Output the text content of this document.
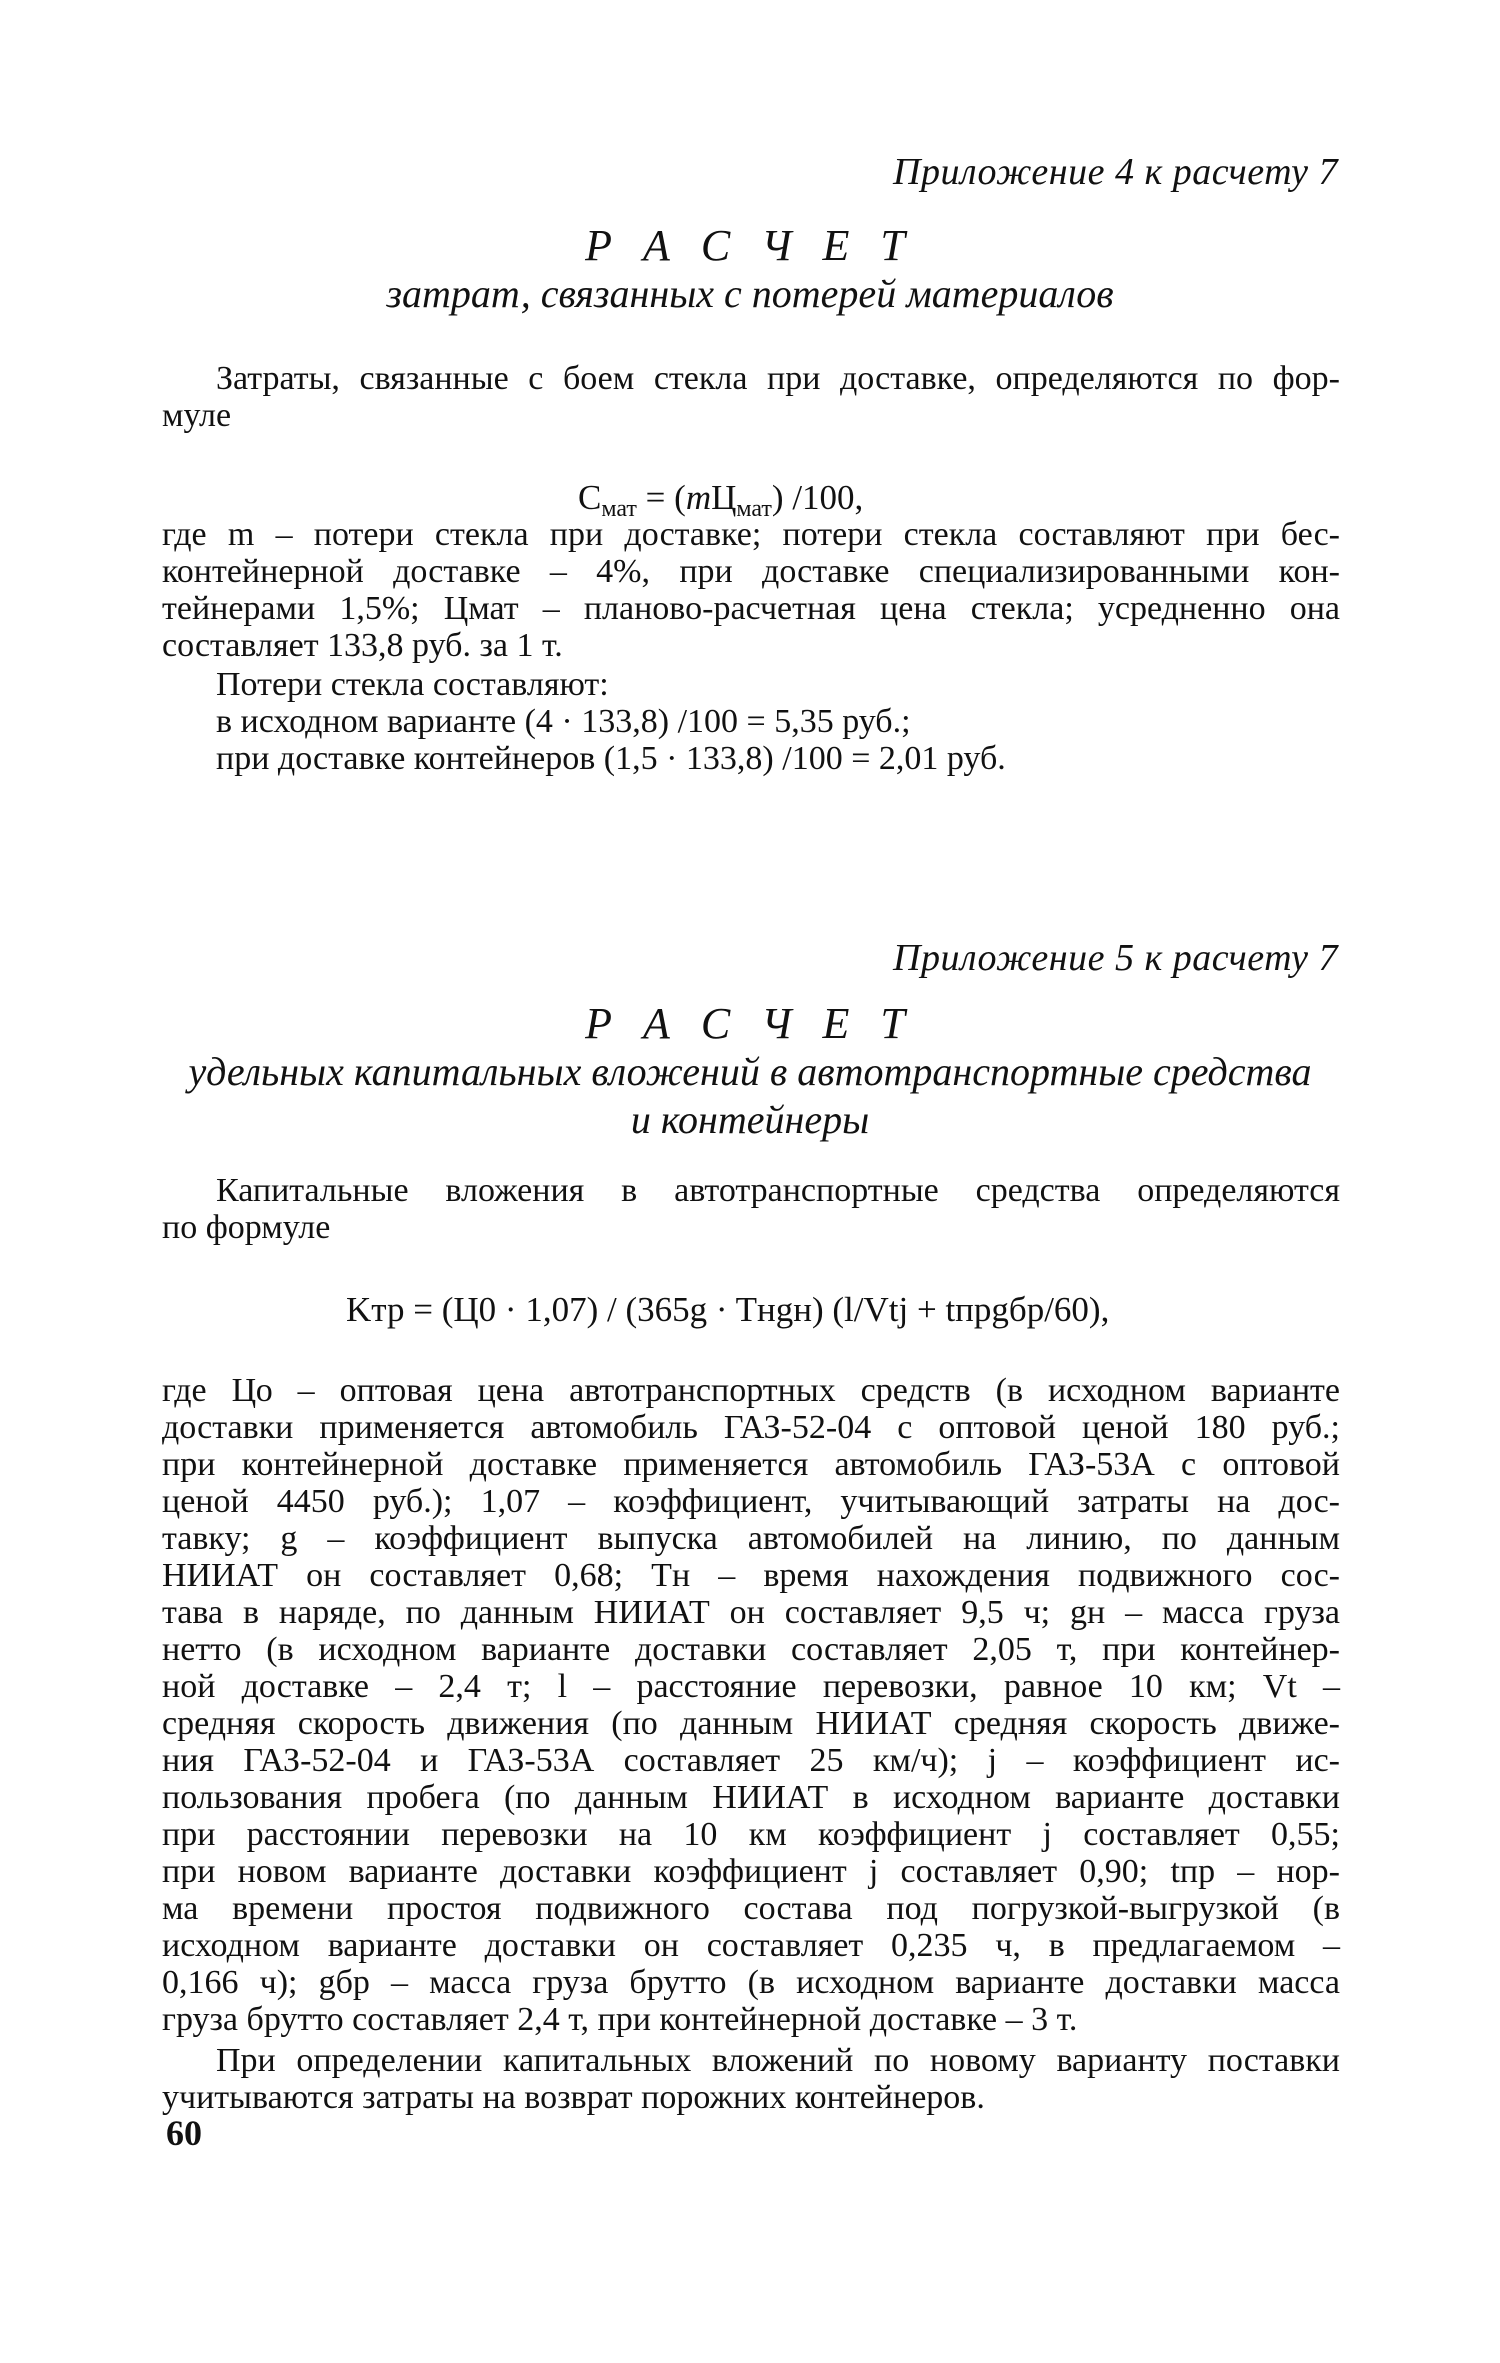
Приложение 4 к расчету 7
Р А С Ч Е Т
затрат, связанных с потерей материалов
Затраты, связанные с боем стекла при доставке, определяются по фор-
муле
$C_{мат} = (mЦ_{мат})$ /100,
где m – потери стекла при доставке; потери стекла составляют при бес-
контейнерной доставке – 4%, при доставке специализированными кон-
тейнерами 1,5%; Цмат – планово-расчетная цена стекла; усредненно она
составляет 133,8 руб. за 1 т.
Потери стекла составляют:
в исходном варианте (4 · 133,8) /100 = 5,35 руб.;
при доставке контейнеров (1,5 · 133,8) /100 = 2,01 руб.
Приложение 5 к расчету 7
Р А С Ч Е Т
удельных капитальных вложений в автотранспортные средства
и контейнеры
Капитальные вложения в автотранспортные средства определяются
по формуле
Kтр = (Ц0 · 1,07) / (365g · Tнgн) (l/Vtj + tпрgбр/60),
где Цо – оптовая цена автотранспортных средств (в исходном варианте
доставки применяется автомобиль ГАЗ-52-04 с оптовой ценой 180 руб.;
при контейнерной доставке применяется автомобиль ГАЗ-53А с оптовой
ценой 4450 руб.); 1,07 – коэффициент, учитывающий затраты на дос-
тавку; g – коэффициент выпуска автомобилей на линию, по данным
НИИАТ он составляет 0,68; Tн – время нахождения подвижного сос-
тава в наряде, по данным НИИАТ он составляет 9,5 ч; gн – масса груза
нетто (в исходном варианте доставки составляет 2,05 т, при контейнер-
ной доставке – 2,4 т; l – расстояние перевозки, равное 10 км; Vt –
средняя скорость движения (по данным НИИАТ средняя скорость движе-
ния ГАЗ-52-04 и ГАЗ-53А составляет 25 км/ч); j – коэффициент ис-
пользования пробега (по данным НИИАТ в исходном варианте доставки
при расстоянии перевозки на 10 км коэффициент j составляет 0,55;
при новом варианте доставки коэффициент j составляет 0,90; tпр – нор-
ма времени простоя подвижного состава под погрузкой-выгрузкой (в
исходном варианте доставки он составляет 0,235 ч, в предлагаемом –
0,166 ч); gбр – масса груза брутто (в исходном варианте доставки масса
груза брутто составляет 2,4 т, при контейнерной доставке – 3 т.
При определении капитальных вложений по новому варианту поставки
учитываются затраты на возврат порожних контейнеров.
60
